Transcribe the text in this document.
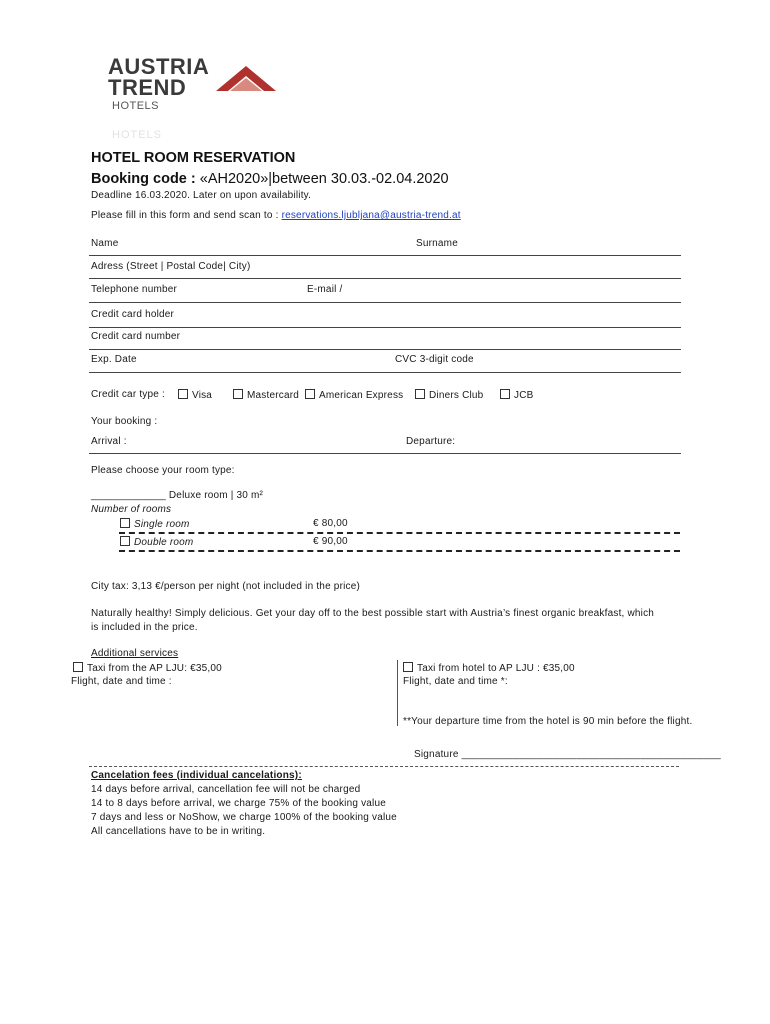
AUSTRIA
TREND
HOTELS
HOTELS
HOTEL ROOM RESERVATION
Booking code : «AH2020»|between 30.03.-02.04.2020
Deadline 16.03.2020. Later on upon availability.
Please fill in this form and send scan to : reservations.ljubljana@austria-trend.at
Name	Surname
Adress (Street | Postal Code| City)
Telephone number	E-mail /
Credit card holder
Credit card number
Exp. Date	CVC 3-digit code
Credit car type :	Visa	Mastercard	American Express	Diners Club	JCB
Your booking :
Arrival :	Departure:
Please choose your room type:
_____________ Deluxe room | 30 m²
Number of rooms
Single room	€ 80,00
Double room	€ 90,00
City tax: 3,13 €/person per night (not included in the price)
Naturally healthy! Simply delicious. Get your day off to the best possible start with Austria’s finest organic breakfast, which
is included in the price.
Additional services
Taxi from the AP LJU: €35,00
Flight, date and time :
Taxi from hotel to AP LJU : €35,00
Flight, date and time *:
**Your departure time from the hotel is 90 min before the flight.
Signature _____________________________________________
Cancelation fees (individual cancelations):
14 days before arrival, cancellation fee will not be charged
14 to 8 days before arrival, we charge 75% of the booking value
7 days and less or NoShow, we charge 100% of the booking value
All cancellations have to be in writing.
